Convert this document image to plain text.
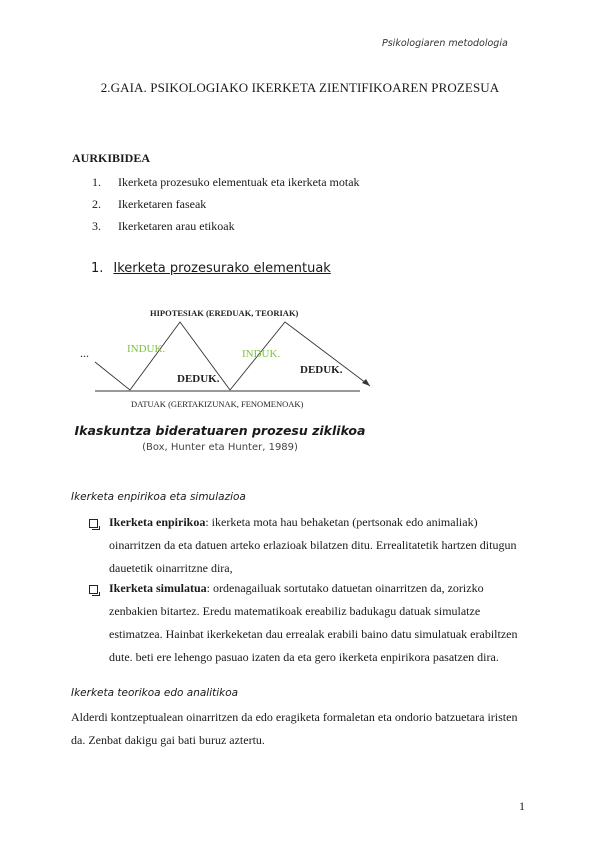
Psikologiaren metodologia
2.GAIA. PSIKOLOGIAKO IKERKETA ZIENTIFIKOAREN PROZESUA
AURKIBIDEA
1. Ikerketa prozesuko elementuak eta ikerketa motak
2. Ikerketaren faseak
3. Ikerketaren arau etikoak
1. Ikerketa prozesurako elementuak
HIPOTESIAK (EREDUAK, TEORIAK)
...	INDUK.	INDUK.
DEDUK.
DEDUK.
DATUAK (GERTAKIZUNAK, FENOMENOAK)
Ikaskuntza bideratuaren prozesu ziklikoa
(Box, Hunter eta Hunter, 1989)
Ikerketa enpirikoa eta simulazioa
Ikerketa enpirikoa: ikerketa mota hau behaketan (pertsonak edo animaliak)
oinarritzen da eta datuen arteko erlazioak bilatzen ditu. Errealitatetik hartzen ditugun
dauetetik oinarritzne dira,
Ikerketa simulatua: ordenagailuak sortutako datuetan oinarritzen da, zorizko
zenbakien bitartez. Eredu matematikoak ereabiliz badukagu datuak simulatze
estimatzea. Hainbat ikerkeketan dau errealak erabili baino datu simulatuak erabiltzen
dute. beti ere lehengo pasuao izaten da eta gero ikerketa enpirikora pasatzen dira.
Ikerketa teorikoa edo analitikoa
Alderdi kontzeptualean oinarritzen da edo eragiketa formaletan eta ondorio batzuetara iristen
da. Zenbat dakigu gai bati buruz aztertu.
1
